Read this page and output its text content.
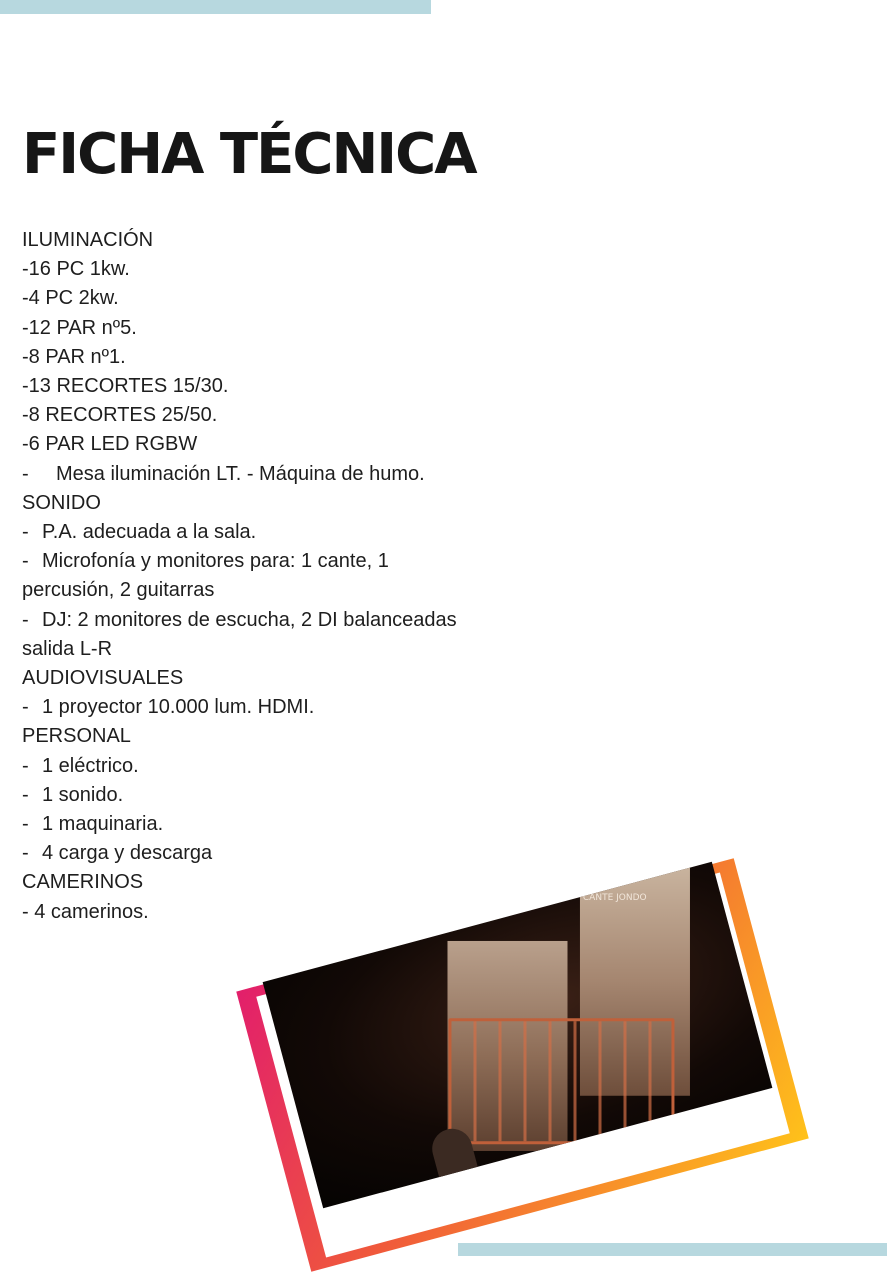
FICHA TÉCNICA
ILUMINACIÓN
-16 PC 1kw.
-4 PC 2kw.
-12 PAR nº5.
-8 PAR nº1.
-13 RECORTES 15/30.
-8 RECORTES 25/50.
-6 PAR LED RGBW
- Mesa iluminación LT. - Máquina de humo.
SONIDO
- P.A. adecuada a la sala.
- Microfonía y monitores para: 1 cante, 1
percusión, 2 guitarras
- DJ: 2 monitores de escucha, 2 DI balanceadas
salida L-R
AUDIOVISUALES
- 1 proyector 10.000 lum. HDMI.
PERSONAL
- 1 eléctrico.
- 1 sonido.
- 1 maquinaria.
- 4 carga y descarga
CAMERINOS
- 4 camerinos.
CANTE JONDO
